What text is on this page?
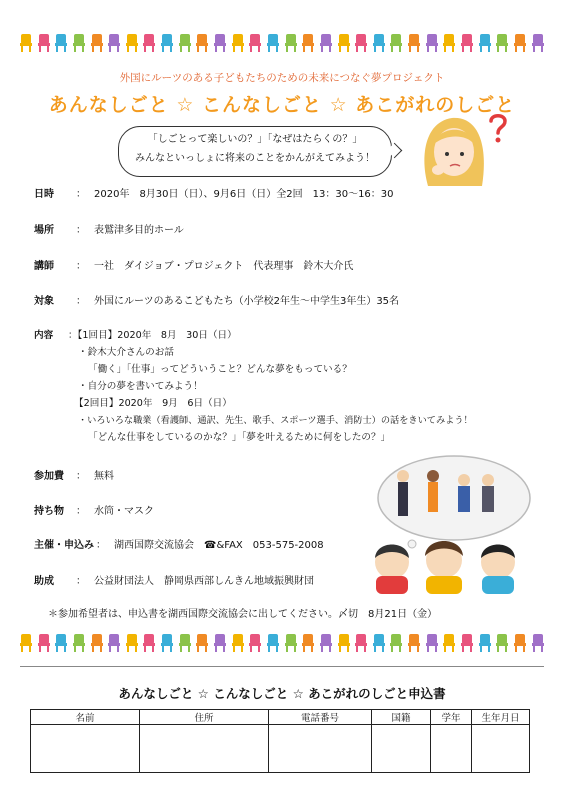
外国にルーツのある子どもたちのための未来につなぐ夢プロジェクト
あんなしごと ☆ こんなしごと ☆ あこがれのしごと
「しごとって楽しいの？」「なぜはたらくの？」
みんなといっしょに将来のことをかんがえてみよう！
日時 ： 2020年　8月30日（日）、9月6日（日）全2回　13：30～16：30
場所 ： 表鷲津多目的ホール
講師 ： 一社　ダイジョブ・プロジェクト　代表理事　鈴木大介氏
対象 ： 外国にルーツのあるこどもたち（小学校2年生～中学生3年生）35名
内容 ：【1回目】2020年　8月　30日（日）
・鈴木大介さんのお話
「働く」「仕事」ってどういうこと？どんな夢をもっている？
・自分の夢を書いてみよう！
【2回目】2020年　9月　6日（日）
・いろいろな職業（看護師、通訳、先生、歌手、スポーツ選手、消防士）の話をきいてみよう！
「どんな仕事をしているのかな？」「夢を叶えるために何をしたの？」
参加費 ： 無料
持ち物 ： 水筒・マスク
主催・申込み ： 湖西国際交流協会　☎&FAX　053-575-2008
助成 ： 公益財団法人　静岡県西部しんきん地域振興財団
＊参加希望者は、申込書を湖西国際交流協会に出してください。〆切　8月21日（金）
あんなしごと ☆ こんなしごと ☆ あこがれのしごと申込書
名前	住所	電話番号	国籍	学年	生年月日
